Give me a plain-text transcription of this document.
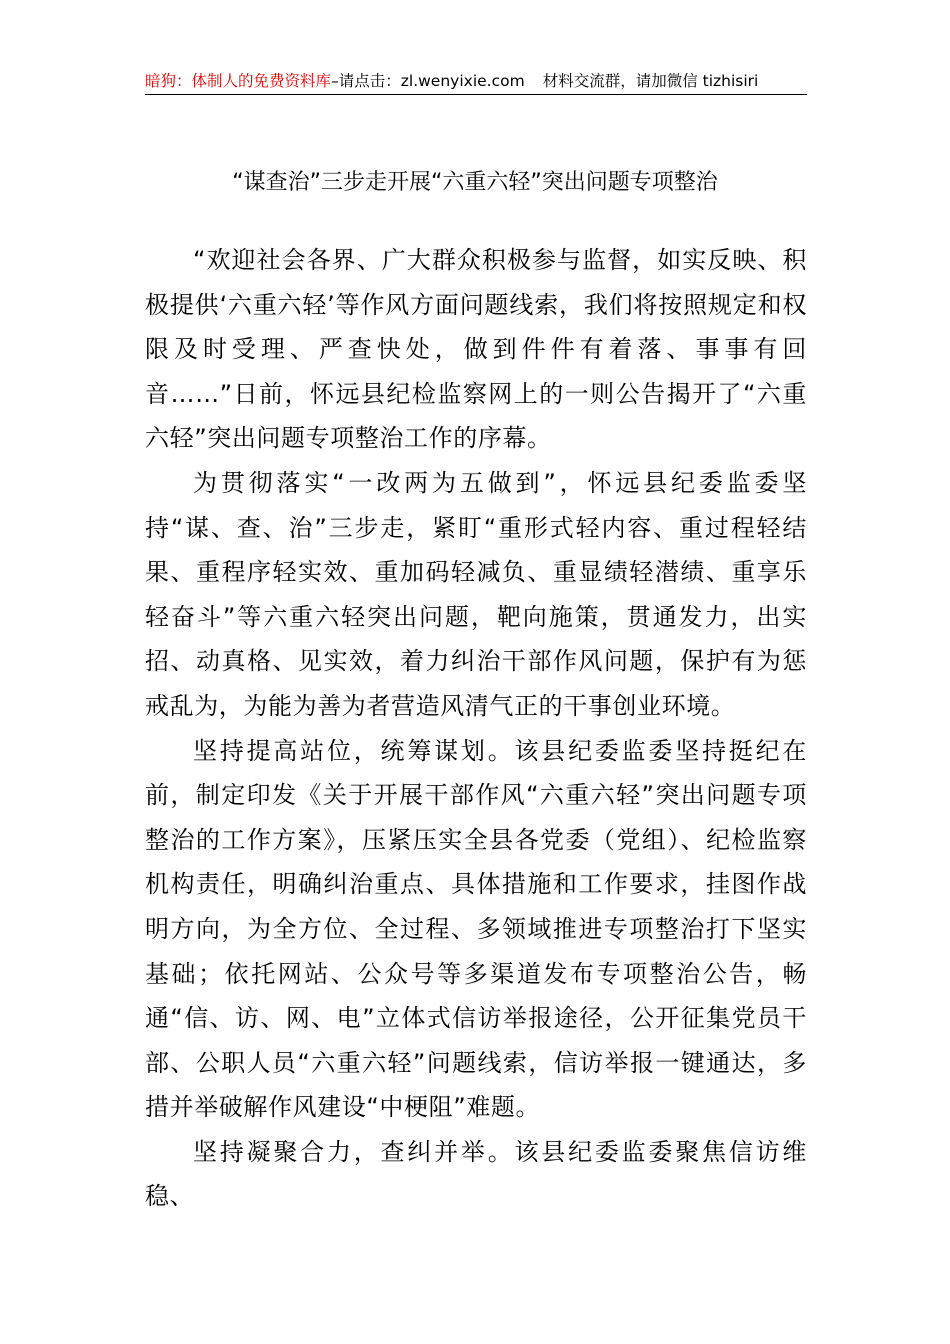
暗狗：体制人的免费资料库–请点击：zl.wenyixie.com 材料交流群，请加微信 tizhisiri
“谋查治”三步走开展“六重六轻”突出问题专项整治

“欢迎社会各界、广大群众积极参与监督，如实反映、积极提供‘六重六轻’等作风方面问题线索，我们将按照规定和权限及时受理、严查快处，做到件件有着落、事事有回音……”日前，怀远县纪检监察网上的一则公告揭开了“六重六轻”突出问题专项整治工作的序幕。

为贯彻落实“一改两为五做到”，怀远县纪委监委坚持“谋、查、治”三步走，紧盯“重形式轻内容、重过程轻结果、重程序轻实效、重加码轻减负、重显绩轻潜绩、重享乐轻奋斗”等六重六轻突出问题，靶向施策，贯通发力，出实招、动真格、见实效，着力纠治干部作风问题，保护有为惩戒乱为，为能为善为者营造风清气正的干事创业环境。

坚持提高站位，统筹谋划。该县纪委监委坚持挺纪在前，制定印发《关于开展干部作风“六重六轻”突出问题专项整治的工作方案》，压紧压实全县各党委（党组）、纪检监察机构责任，明确纠治重点、具体措施和工作要求，挂图作战明方向，为全方位、全过程、多领域推进专项整治打下坚实基础；依托网站、公众号等多渠道发布专项整治公告，畅通“信、访、网、电”立体式信访举报途径，公开征集党员干部、公职人员“六重六轻”问题线索，信访举报一键通达，多措并举破解作风建设“中梗阻”难题。

坚持凝聚合力，查纠并举。该县纪委监委聚焦信访维稳、
